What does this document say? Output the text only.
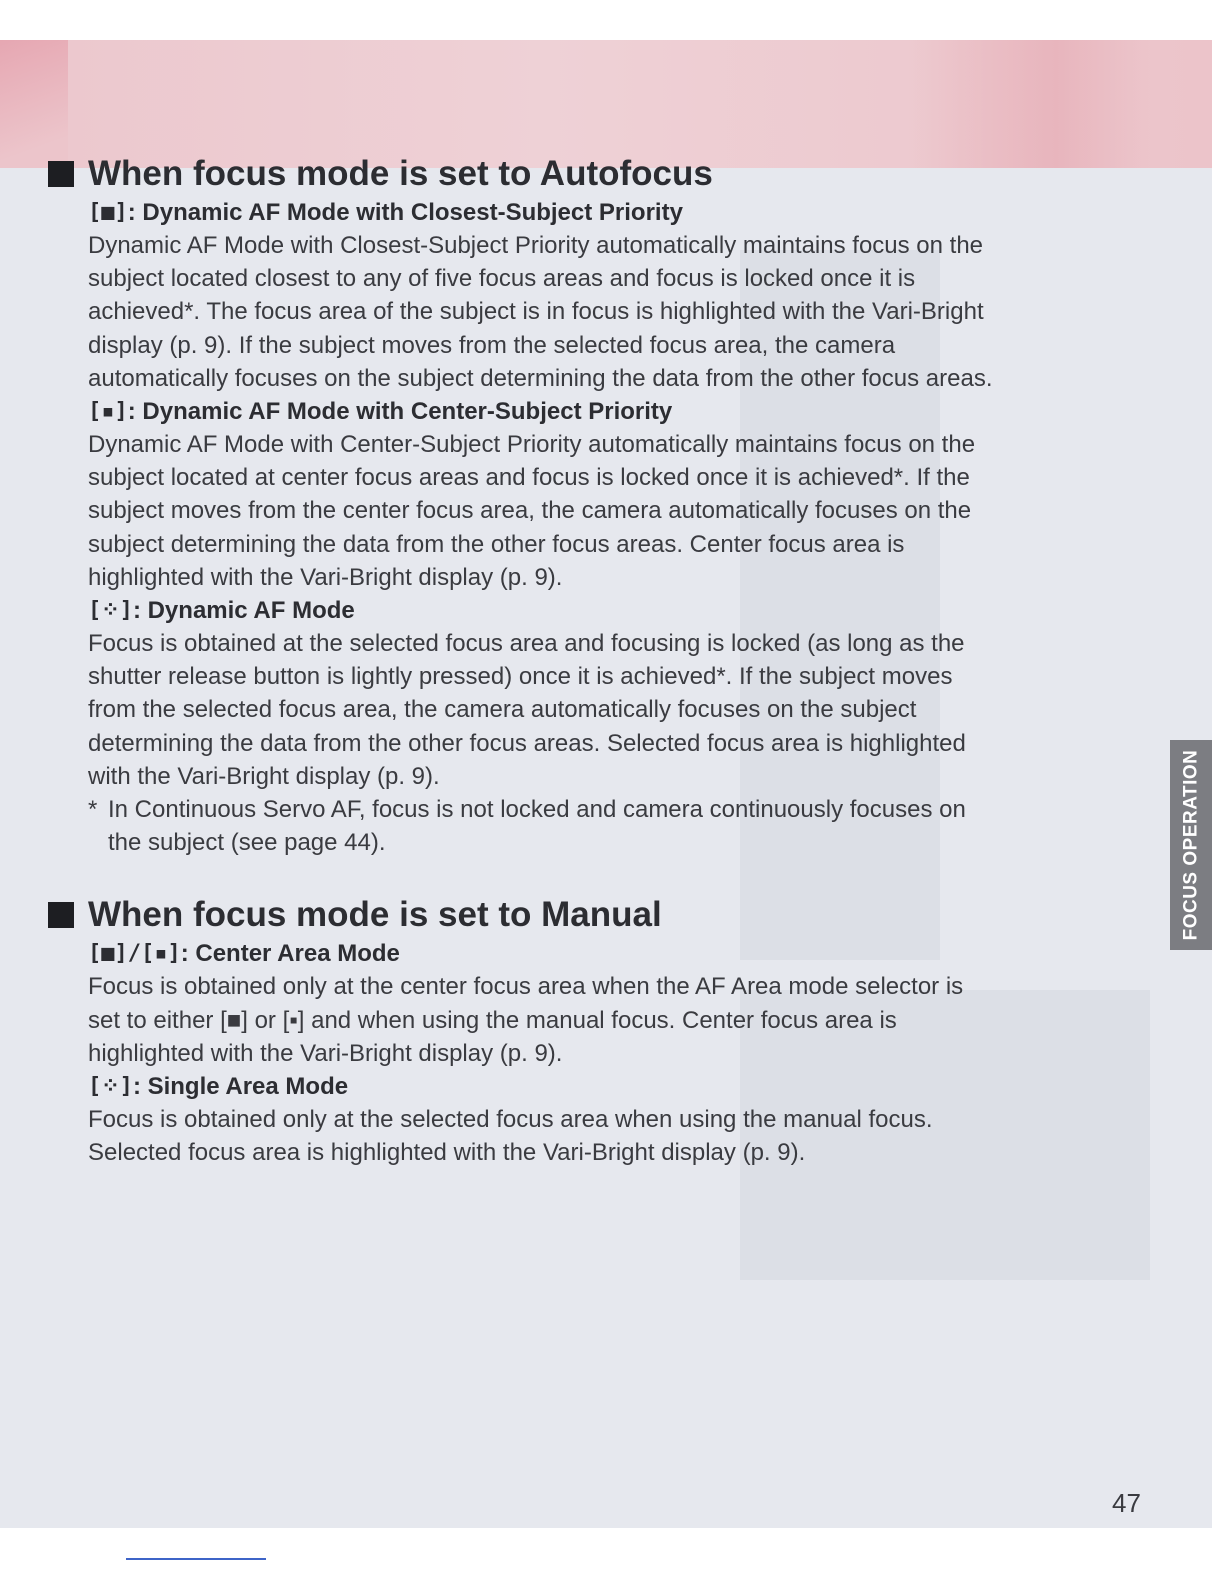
FOCUS OPERATION
47
When focus mode is set to Autofocus
[■] : Dynamic AF Mode with Closest-Subject Priority

Dynamic AF Mode with Closest-Subject Priority automatically maintains focus on the

subject located closest to any of five focus areas and focus is locked once it is

achieved*. The focus area of the subject is in focus is highlighted with the Vari-Bright

display (p. 9). If the subject moves from the selected focus area, the camera

automatically focuses on the subject determining the data from the other focus areas.

[▪] : Dynamic AF Mode with Center-Subject Priority

Dynamic AF Mode with Center-Subject Priority automatically maintains focus on the

subject located at center focus areas and focus is locked once it is achieved*. If the

subject moves from the center focus area, the camera automatically focuses on the

subject determining the data from the other focus areas. Center focus area is

highlighted with the Vari-Bright display (p. 9).

[⁘] : Dynamic AF Mode

Focus is obtained at the selected focus area and focusing is locked (as long as the

shutter release button is lightly pressed) once it is achieved*. If the subject moves

from the selected focus area, the camera automatically focuses on the subject

determining the data from the other focus areas. Selected focus area is highlighted

with the Vari-Bright display (p. 9).

* In Continuous Servo AF, focus is not locked and camera continuously focuses on

the subject (see page 44).

When focus mode is set to Manual
[■]/[▪] : Center Area Mode

Focus is obtained only at the center focus area when the AF Area mode selector is

set to either [■] or [▪] and when using the manual focus. Center focus area is

highlighted with the Vari-Bright display (p. 9).

[⁘] : Single Area Mode

Focus is obtained only at the selected focus area when using the manual focus.

Selected focus area is highlighted with the Vari-Bright display (p. 9).
